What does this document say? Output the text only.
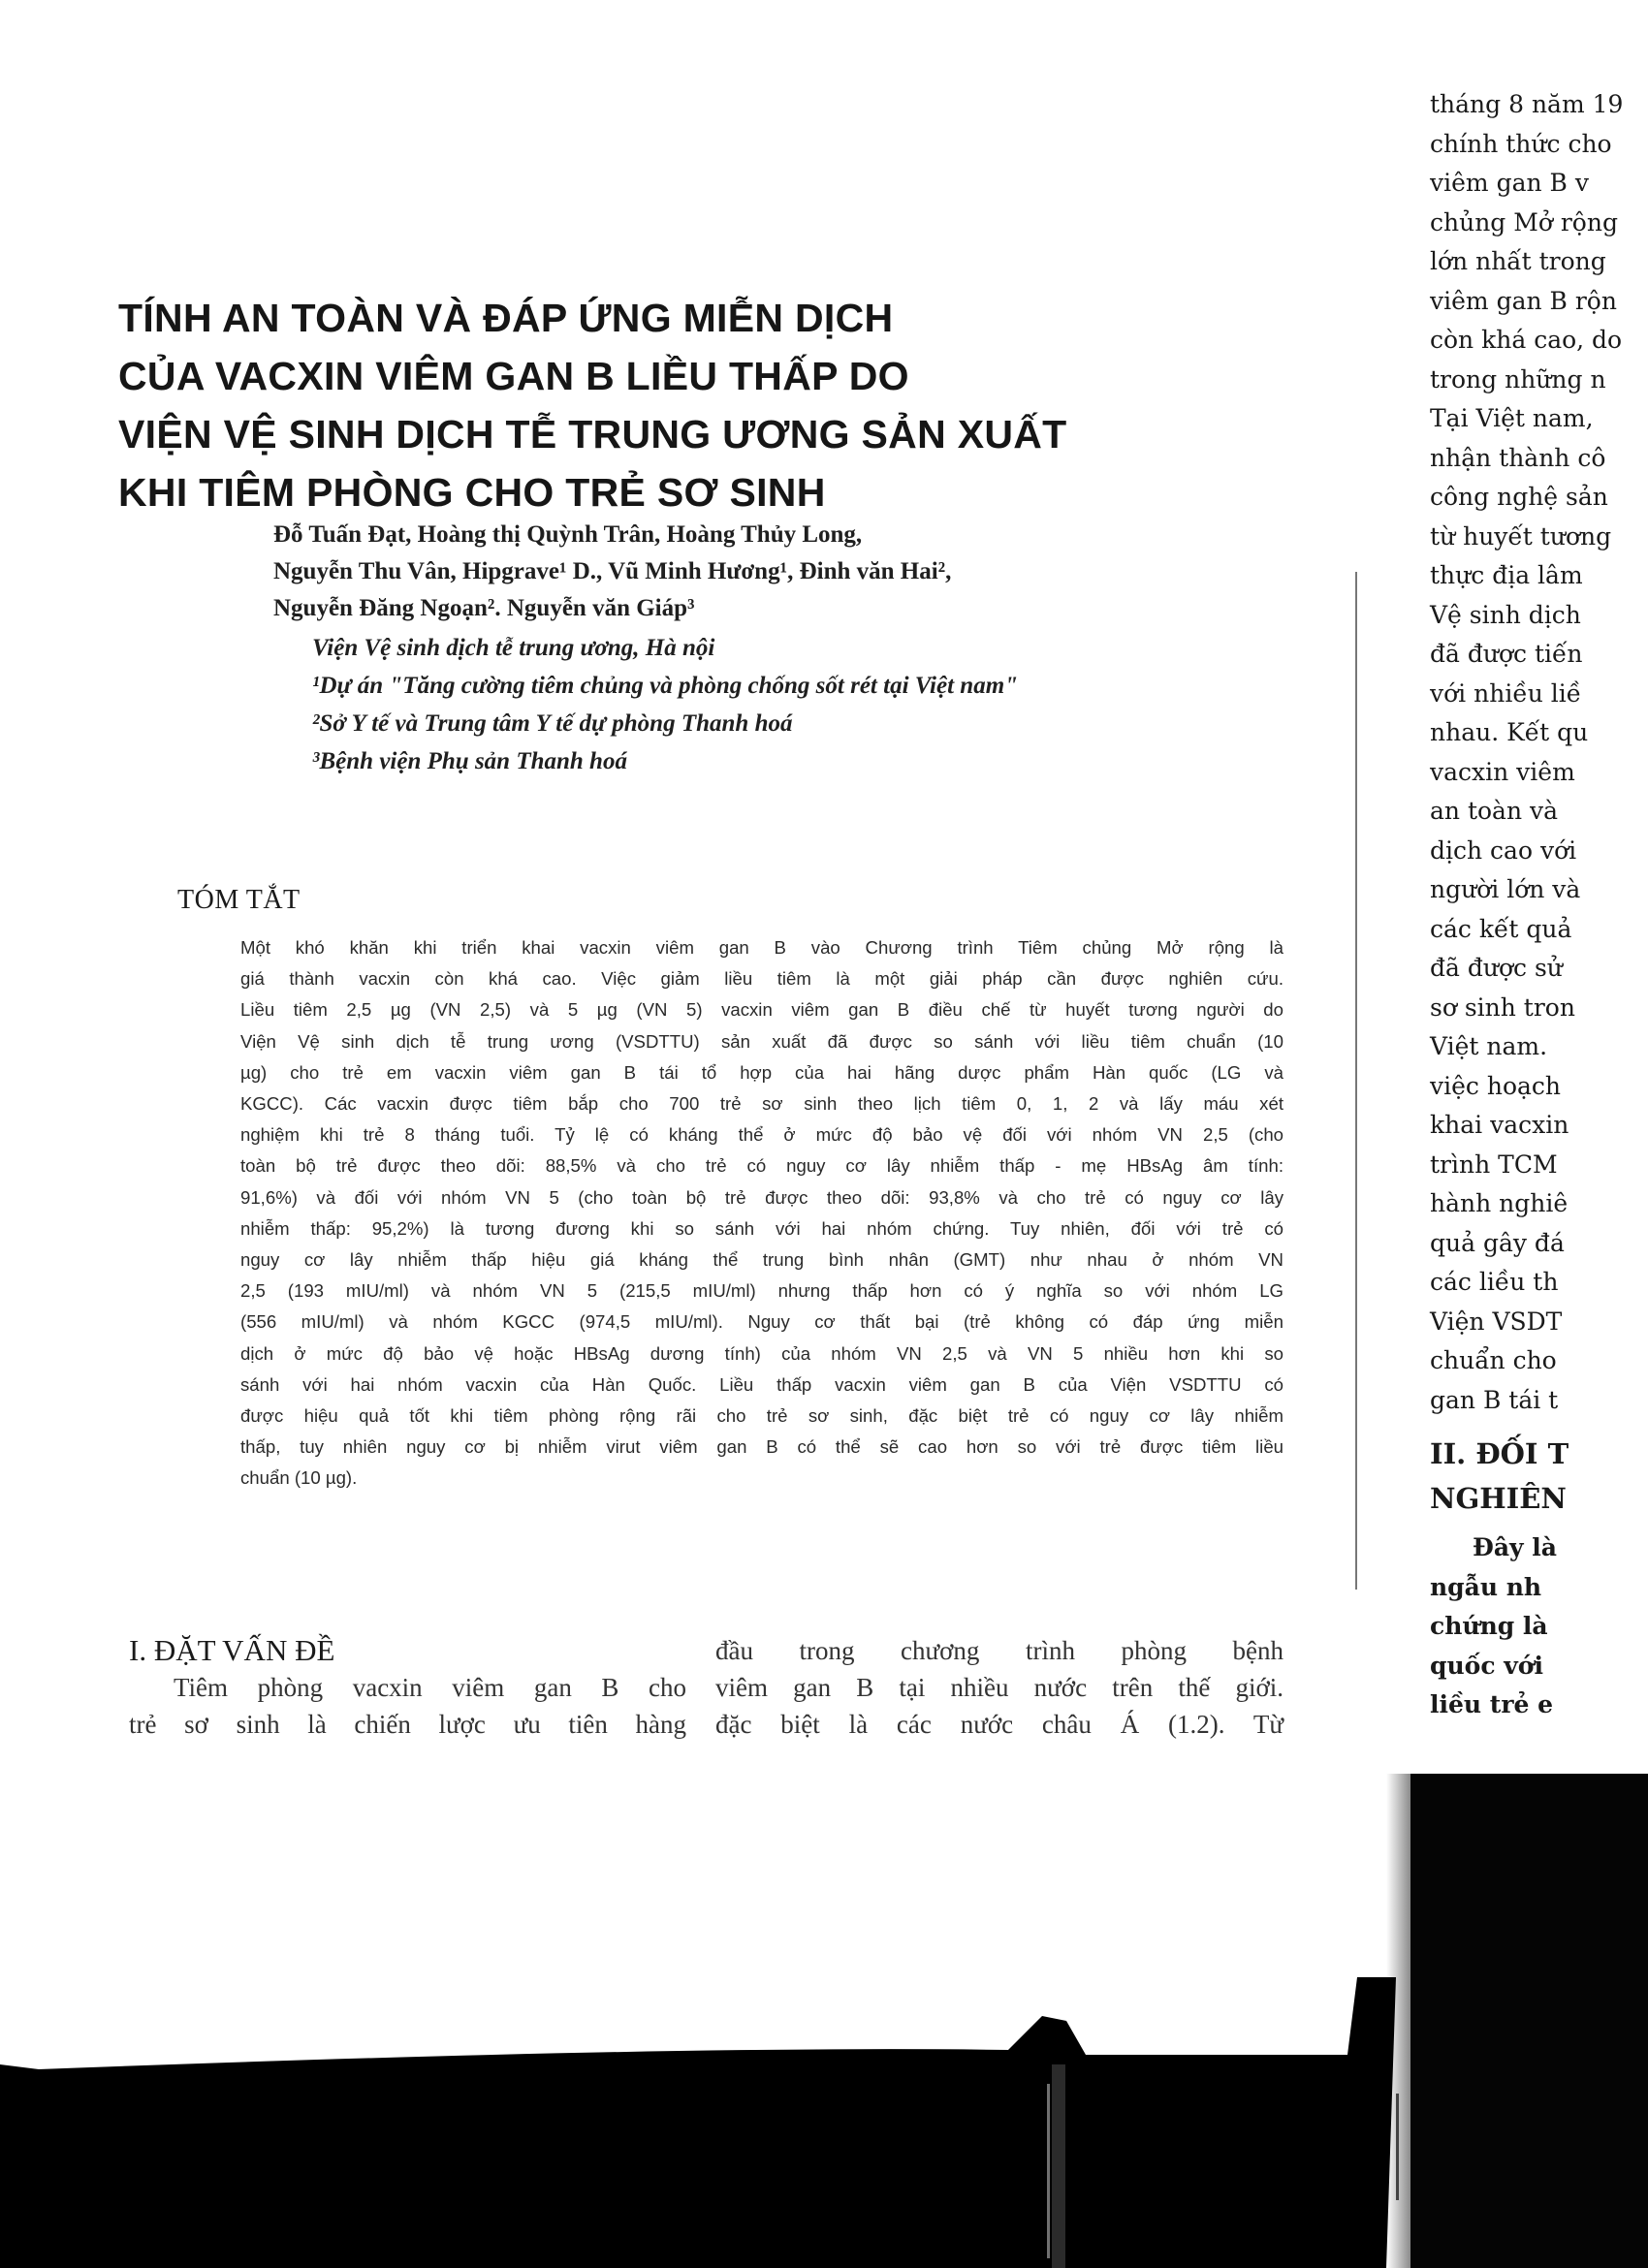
TÍNH AN TOÀN VÀ ĐÁP ỨNG MIỄN DỊCH
CỦA VACXIN VIÊM GAN B LIỀU THẤP DO
VIỆN VỆ SINH DỊCH TỄ TRUNG ƯƠNG SẢN XUẤT
KHI TIÊM PHÒNG CHO TRẺ SƠ SINH
Đỗ Tuấn Đạt, Hoàng thị Quỳnh Trân, Hoàng Thủy Long,
Nguyễn Thu Vân, Hipgrave¹ D., Vũ Minh Hương¹, Đinh văn Hai²,
Nguyễn Đăng Ngoạn². Nguyễn văn Giáp³
Viện Vệ sinh dịch tễ trung ương, Hà nội
¹Dự án "Tăng cường tiêm chủng và phòng chống sốt rét tại Việt nam"
²Sở Y tế và Trung tâm Y tế dự phòng Thanh hoá
³Bệnh viện Phụ sản Thanh hoá
TÓM TẮT
Một khó khăn khi triển khai vacxin viêm gan B vào Chương trình Tiêm chủng Mở rộng là
giá thành vacxin còn khá cao. Việc giảm liều tiêm là một giải pháp cần được nghiên cứu.
Liều tiêm 2,5 µg (VN 2,5) và 5 µg (VN 5) vacxin viêm gan B điều chế từ huyết tương người do
Viện Vệ sinh dịch tễ trung ương (VSDTTU) sản xuất đã được so sánh với liều tiêm chuẩn (10
µg) cho trẻ em vacxin viêm gan B tái tổ hợp của hai hãng dược phẩm Hàn quốc (LG và
KGCC). Các vacxin được tiêm bắp cho 700 trẻ sơ sinh theo lịch tiêm 0, 1, 2 và lấy máu xét
nghiệm khi trẻ 8 tháng tuổi. Tỷ lệ có kháng thể ở mức độ bảo vệ đối với nhóm VN 2,5 (cho
toàn bộ trẻ được theo dõi: 88,5% và cho trẻ có nguy cơ lây nhiễm thấp - mẹ HBsAg âm tính:
91,6%) và đối với nhóm VN 5 (cho toàn bộ trẻ được theo dõi: 93,8% và cho trẻ có nguy cơ lây
nhiễm thấp: 95,2%) là tương đương khi so sánh với hai nhóm chứng. Tuy nhiên, đối với trẻ có
nguy cơ lây nhiễm thấp hiệu giá kháng thể trung bình nhân (GMT) như nhau ở nhóm VN
2,5 (193 mIU/ml) và nhóm VN 5 (215,5 mIU/ml) nhưng thấp hơn có ý nghĩa so với nhóm LG
(556 mIU/ml) và nhóm KGCC (974,5 mIU/ml). Nguy cơ thất bại (trẻ không có đáp ứng miễn
dịch ở mức độ bảo vệ hoặc HBsAg dương tính) của nhóm VN 2,5 và VN 5 nhiều hơn khi so
sánh với hai nhóm vacxin của Hàn Quốc. Liều thấp vacxin viêm gan B của Viện VSDTTU có
được hiệu quả tốt khi tiêm phòng rộng rãi cho trẻ sơ sinh, đặc biệt trẻ có nguy cơ lây nhiễm
thấp, tuy nhiên nguy cơ bị nhiễm virut viêm gan B có thể sẽ cao hơn so với trẻ được tiêm liều
chuẩn (10 µg).
I. ĐẶT VẤN ĐỀ
Tiêm phòng vacxin viêm gan B cho
trẻ sơ sinh là chiến lược ưu tiên hàng
đầu trong chương trình phòng bệnh
viêm gan B tại nhiều nước trên thế giới.
đặc biệt là các nước châu Á (1.2). Từ
tháng 8 năm 19
chính thức cho
viêm gan B v
chủng Mở rộng
lớn nhất trong
viêm gan B rộn
còn khá cao, do
trong những n
Tại Việt nam,
nhận thành cô
công nghệ sản
từ huyết tương
thực địa lâm
Vệ sinh dịch
đã được tiến
với nhiều liề
nhau. Kết qu
vacxin viêm
an toàn và
dịch cao với
người lớn và
các kết quả
đã được sử
sơ sinh tron
Việt nam.
việc hoạch
khai vacxin
trình TCM
hành nghiê
quả gây đá
các liều th
Viện VSDT
chuẩn cho
gan B tái t
II. ĐỐI T
NGHIÊN
Đây là
ngẫu nh
chứng là
quốc với
liều trẻ e
